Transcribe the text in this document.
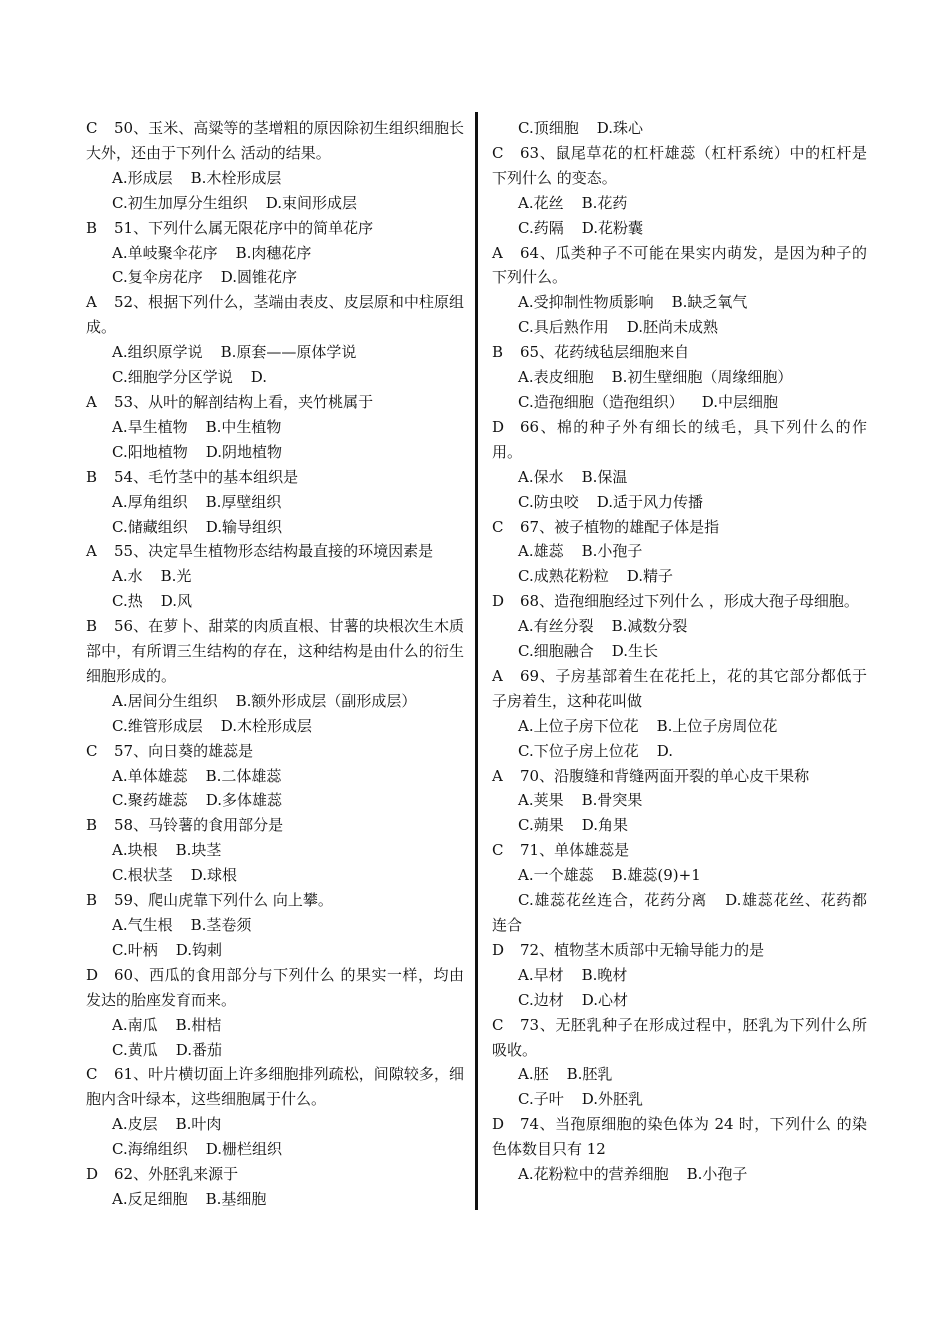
C 50、玉米、高粱等的茎增粗的原因除初生组织细胞长大外，还由于下列什么 活动的结果。
A.形成层 B.木栓形成层
C.初生加厚分生组织 D.束间形成层
B 51、下列什么属无限花序中的简单花序
A.单岐聚伞花序 B.肉穗花序
C.复伞房花序 D.圆锥花序
A 52、根据下列什么，茎端由表皮、皮层原和中柱原组成。
A.组织原学说 B.原套——原体学说
C.细胞学分区学说 D.
A 53、从叶的解剖结构上看，夹竹桃属于
A.旱生植物 B.中生植物
C.阳地植物 D.阴地植物
B 54、毛竹茎中的基本组织是
A.厚角组织 B.厚壁组织
C.储藏组织 D.输导组织
A 55、决定旱生植物形态结构最直接的环境因素是
A.水 B.光
C.热 D.风
B 56、在萝卜、甜菜的肉质直根、甘薯的块根次生木质部中，有所谓三生结构的存在，这种结构是由什么的衍生细胞形成的。
A.居间分生组织 B.额外形成层（副形成层）
C.维管形成层 D.木栓形成层
C 57、向日葵的雄蕊是
A.单体雄蕊 B.二体雄蕊
C.聚药雄蕊 D.多体雄蕊
B 58、马铃薯的食用部分是
A.块根 B.块茎
C.根状茎 D.球根
B 59、爬山虎靠下列什么 向上攀。
A.气生根 B.茎卷须
C.叶柄 D.钩刺
D 60、西瓜的食用部分与下列什么 的果实一样，均由发达的胎座发育而来。
A.南瓜 B.柑桔
C.黄瓜 D.番茄
C 61、叶片横切面上许多细胞排列疏松，间隙较多，细胞内含叶绿本，这些细胞属于什么。
A.皮层 B.叶肉
C.海绵组织 D.栅栏组织
D 62、外胚乳来源于
A.反足细胞 B.基细胞
C.顶细胞 D.珠心
C 63、鼠尾草花的杠杆雄蕊（杠杆系统）中的杠杆是下列什么 的变态。
A.花丝 B.花药
C.药隔 D.花粉囊
A 64、瓜类种子不可能在果实内萌发，是因为种子的下列什么。
A.受抑制性物质影响 B.缺乏氧气
C.具后熟作用 D.胚尚未成熟
B 65、花药绒毡层细胞来自
A.表皮细胞 B.初生壁细胞（周缘细胞）
C.造孢细胞（造孢组织） D.中层细胞
D 66、棉的种子外有细长的绒毛，具下列什么的作用。
A.保水 B.保温
C.防虫咬 D.适于风力传播
C 67、被子植物的雄配子体是指
A.雄蕊 B.小孢子
C.成熟花粉粒 D.精子
D 68、造孢细胞经过下列什么 ，形成大孢子母细胞。
A.有丝分裂 B.减数分裂
C.细胞融合 D.生长
A 69、子房基部着生在花托上，花的其它部分都低于子房着生，这种花叫做
A.上位子房下位花 B.上位子房周位花
C.下位子房上位花 D.
A 70、沿腹缝和背缝两面开裂的单心皮干果称
A.荚果 B.骨突果
C.蒴果 D.角果
C 71、单体雄蕊是
A.一个雄蕊 B.雄蕊(9)+1
C.雄蕊花丝连合，花药分离 D.雄蕊花丝、花药都连合
D 72、植物茎木质部中无输导能力的是
A.早材 B.晚材
C.边材 D.心材
C 73、无胚乳种子在形成过程中，胚乳为下列什么所吸收。
A.胚 B.胚乳
C.子叶 D.外胚乳
D 74、当孢原细胞的染色体为 24 时，下列什么 的染色体数目只有 12
A.花粉粒中的营养细胞 B.小孢子
